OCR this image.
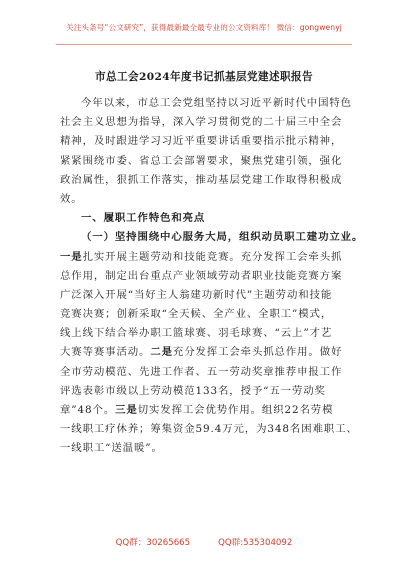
关注头条号“公文研究”，获得最新最全最专业的公文资料库！ 微信：gongwenyj
市总工会2024年度书记抓基层党建述职报告
今年以来，市总工会党组坚持以习近平新时代中国特色
社会主义思想为指导，深入学习贯彻党的二十届三中全会
精神，及时跟进学习习近平重要讲话重要指示批示精神，
紧紧围绕市委、省总工会部署要求，聚焦党建引领，强化
政治属性，狠抓工作落实，推动基层党建工作取得积极成
效。
一、履职工作特色和亮点
（一）坚持围绕中心服务大局，组织动员职工建功立业。
一是扎实开展主题劳动和技能竞赛。充分发挥工会牵头抓
总作用，制定出台重点产业领域劳动者职业技能竞赛方案
广泛深入开展“当好主人翁建功新时代”主题劳动和技能
竞赛决赛；创新采取“全天候、全产业、全职工”模式，
线上线下结合举办职工篮球赛、羽毛球赛、“云上”才艺
大赛等赛事活动。二是充分发挥工会牵头抓总作用。做好
全市劳动模范、先进工作者、五一劳动奖章推荐申报工作
评选表彰市级以上劳动模范133名，授予“五一劳动奖
章”48个。三是切实发挥工会优势作用。组织22名劳模
一线职工疗休养；筹集资金59.4万元，为348名困难职工、
一线职工“送温暖”。
QQ群：30265665	QQ群:535304092
